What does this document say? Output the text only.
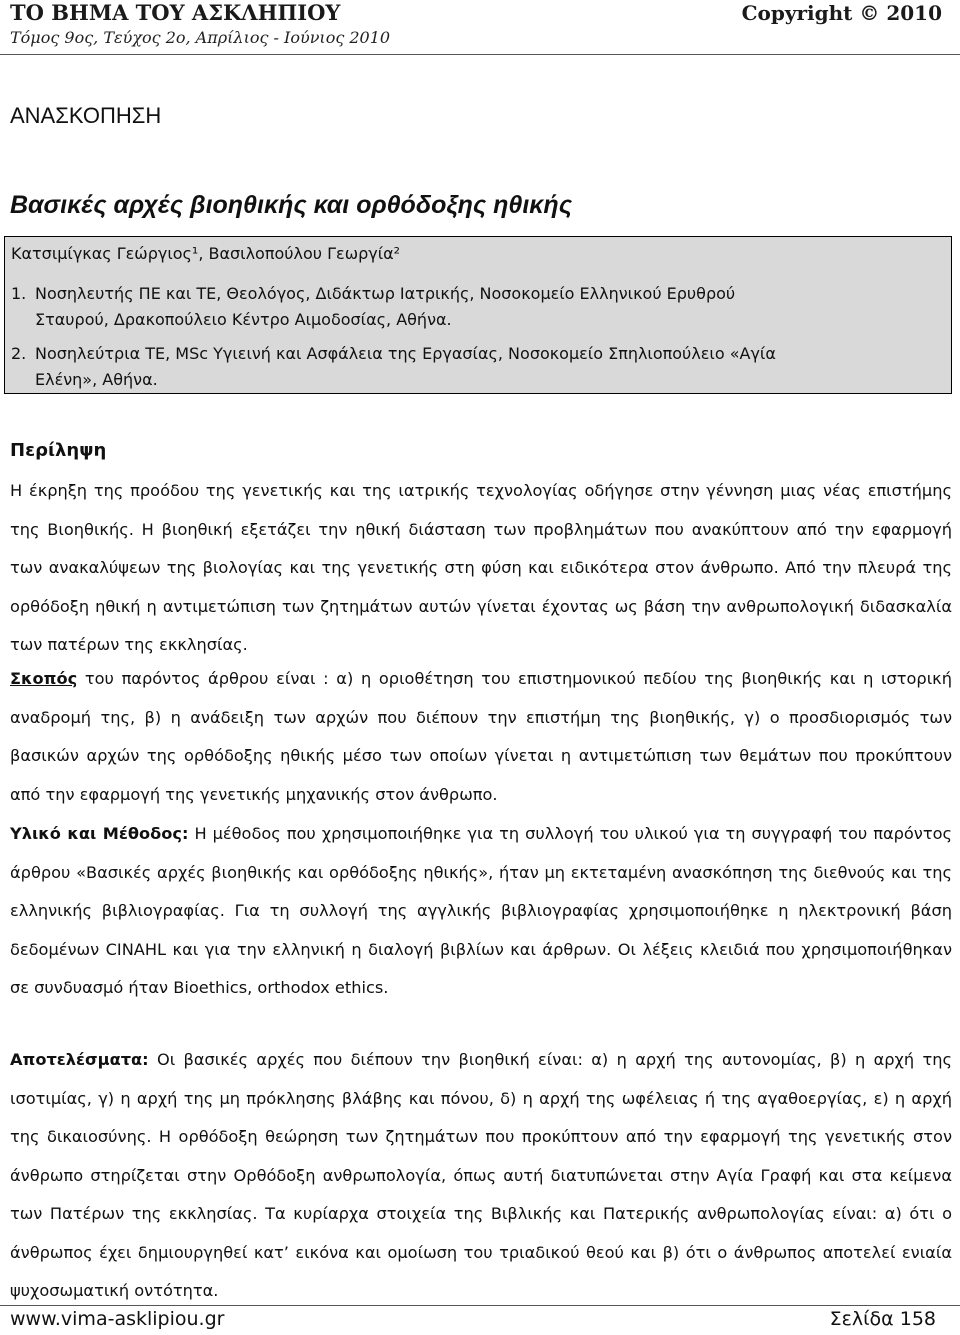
ΤΟ ΒΗΜΑ ΤΟΥ ΑΣΚΛΗΠΙΟΥ	Copyright © 2010
Τόμος 9ος, Τεύχος 2ο, Απρίλιος - Ιούνιος 2010
ΑΝΑΣΚΟΠΗΣΗ
Βασικές αρχές βιοηθικής και ορθόδοξης ηθικής
Κατσιμίγκας Γεώργιος¹, Βασιλοπούλου Γεωργία²
1. Νοσηλευτής ΠΕ και ΤΕ, Θεολόγος, Διδάκτωρ Ιατρικής, Νοσοκομείο Ελληνικού Ερυθρού
Σταυρού, Δρακοπούλειο Κέντρο Αιμοδοσίας, Αθήνα.
2. Νοσηλεύτρια ΤΕ, MSc Υγιεινή και Ασφάλεια της Εργασίας, Νοσοκομείο Σπηλιοπούλειο «Αγία
Ελένη», Αθήνα.
Περίληψη
Η έκρηξη της προόδου της γενετικής και της ιατρικής τεχνολογίας οδήγησε στην γέννηση μιας νέας επιστήμης της Βιοηθικής. Η βιοηθική εξετάζει την ηθική διάσταση των προβλημάτων που ανακύπτουν από την εφαρμογή των ανακαλύψεων της βιολογίας και της γενετικής στη φύση και ειδικότερα στον άνθρωπο. Από την πλευρά της ορθόδοξη ηθική η αντιμετώπιση των ζητημάτων αυτών γίνεται έχοντας ως βάση την ανθρωπολογική διδασκαλία των πατέρων της εκκλησίας.
Σκοπός του παρόντος άρθρου είναι : α) η οριοθέτηση του επιστημονικού πεδίου της βιοηθικής και η ιστορική αναδρομή της, β) η ανάδειξη των αρχών που διέπουν την επιστήμη της βιοηθικής, γ) ο προσδιορισμός των βασικών αρχών της ορθόδοξης ηθικής μέσο των οποίων γίνεται η αντιμετώπιση των θεμάτων που προκύπτουν από την εφαρμογή της γενετικής μηχανικής στον άνθρωπο.
Υλικό και Μέθοδος: Η μέθοδος που χρησιμοποιήθηκε για τη συλλογή του υλικού για τη συγγραφή του παρόντος άρθρου «Βασικές αρχές βιοηθικής και ορθόδοξης ηθικής», ήταν μη εκτεταμένη ανασκόπηση της διεθνούς και της ελληνικής βιβλιογραφίας. Για τη συλλογή της αγγλικής βιβλιογραφίας χρησιμοποιήθηκε η ηλεκτρονική βάση δεδομένων CINAHL και για την ελληνική η διαλογή βιβλίων και άρθρων. Οι λέξεις κλειδιά που χρησιμοποιήθηκαν σε συνδυασμό ήταν Bioethics, orthodox ethics.
Αποτελέσματα: Οι βασικές αρχές που διέπουν την βιοηθική είναι: α) η αρχή της αυτονομίας, β) η αρχή της ισοτιμίας, γ) η αρχή της μη πρόκλησης βλάβης και πόνου, δ) η αρχή της ωφέλειας ή της αγαθοεργίας, ε) η αρχή της δικαιοσύνης. Η ορθόδοξη θεώρηση των ζητημάτων που προκύπτουν από την εφαρμογή της γενετικής στον άνθρωπο στηρίζεται στην Ορθόδοξη ανθρωπολογία, όπως αυτή διατυπώνεται στην Αγία Γραφή και στα κείμενα των Πατέρων της εκκλησίας. Τα κυρίαρχα στοιχεία της Βιβλικής και Πατερικής ανθρωπολογίας είναι: α) ότι ο άνθρωπος έχει δημιουργηθεί κατ’ εικόνα και ομοίωση του τριαδικού θεού και β) ότι ο άνθρωπος αποτελεί ενιαία ψυχοσωματική οντότητα.
www.vima-asklipiou.gr	Σελίδα 158
